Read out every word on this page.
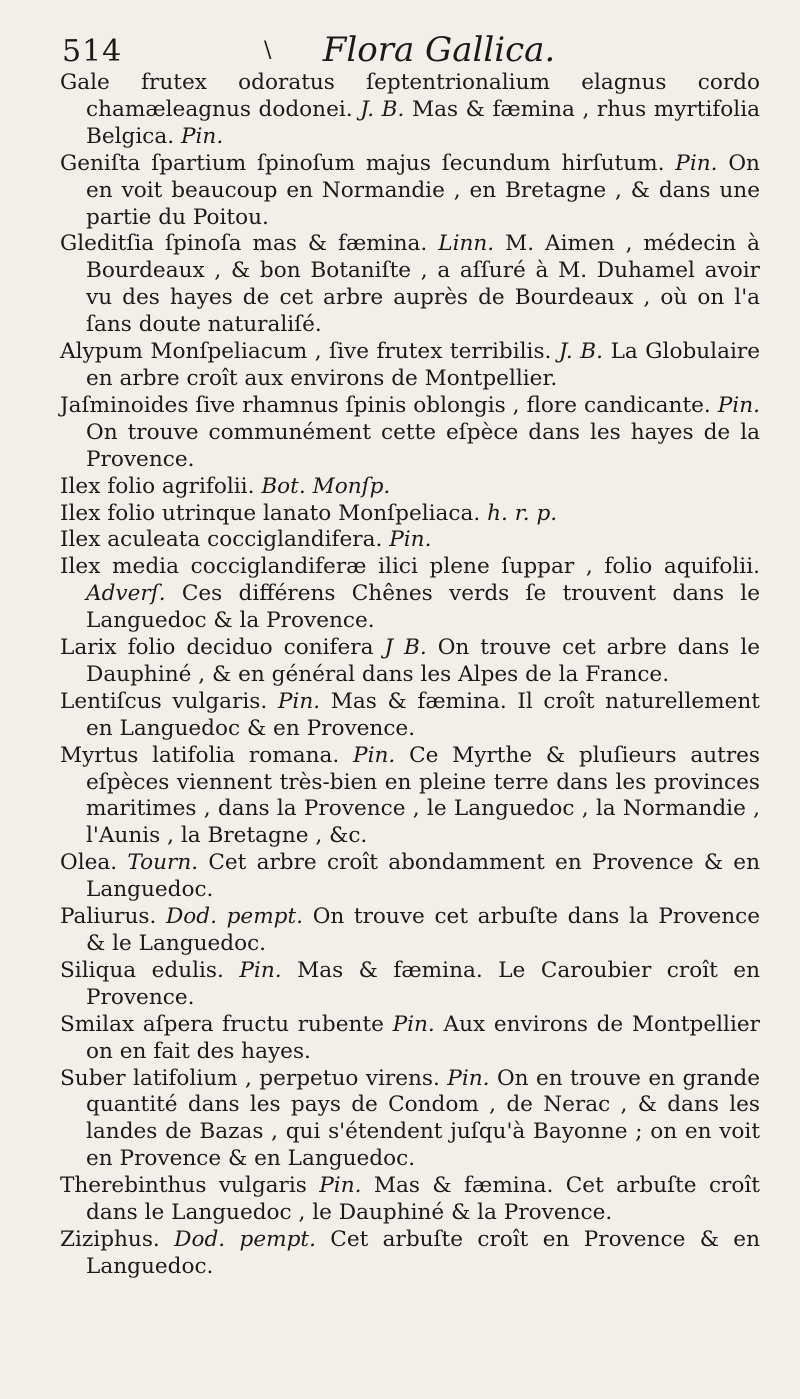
514	\	Flora Gallica.
Gale frutex odoratus ſeptentrionalium elagnus cordo chamæleagnus dodonei. J. B. Mas & fæmina , rhus myrtifolia Belgica. Pin.
Geniſta ſpartium ſpinoſum majus ſecundum hirſutum. Pin. On en voit beaucoup en Normandie , en Bretagne , & dans une partie du Poitou.
Gleditſia ſpinoſa mas & fæmina. Linn. M. Aimen , médecin à Bourdeaux , & bon Botaniſte , a aſſuré à M. Duhamel avoir vu des hayes de cet arbre auprès de Bourdeaux , où on l'a ſans doute naturaliſé.
Alypum Monſpeliacum , ſive frutex terribilis. J. B. La Globulaire en arbre croît aux environs de Montpellier.
Jaſminoides ſive rhamnus ſpinis oblongis , flore candicante. Pin. On trouve communément cette eſpèce dans les hayes de la Provence.
Ilex folio agrifolii. Bot. Monſp.
Ilex folio utrinque lanato Monſpeliaca. h. r. p.
Ilex aculeata cocciglandifera. Pin.
Ilex media cocciglandiferæ ilici plene ſuppar , folio aquifolii. Adverſ. Ces différens Chênes verds ſe trouvent dans le Languedoc & la Provence.
Larix folio deciduo conifera J B. On trouve cet arbre dans le Dauphiné , & en général dans les Alpes de la France.
Lentiſcus vulgaris. Pin. Mas & fæmina. Il croît naturellement en Languedoc & en Provence.
Myrtus latifolia romana. Pin. Ce Myrthe & pluſieurs autres eſpèces viennent très-bien en pleine terre dans les provinces maritimes , dans la Provence , le Languedoc , la Normandie , l'Aunis , la Bretagne , &c.
Olea. Tourn. Cet arbre croît abondamment en Provence & en Languedoc.
Paliurus. Dod. pempt. On trouve cet arbuſte dans la Provence & le Languedoc.
Siliqua edulis. Pin. Mas & fæmina. Le Caroubier croît en Provence.
Smilax aſpera fructu rubente Pin. Aux environs de Montpellier on en fait des hayes.
Suber latifolium , perpetuo virens. Pin. On en trouve en grande quantité dans les pays de Condom , de Nerac , & dans les landes de Bazas , qui s'étendent juſqu'à Bayonne ; on en voit en Provence & en Languedoc.
Therebinthus vulgaris Pin. Mas & fæmina. Cet arbuſte croît dans le Languedoc , le Dauphiné & la Provence.
Ziziphus. Dod. pempt. Cet arbuſte croît en Provence & en Languedoc.
